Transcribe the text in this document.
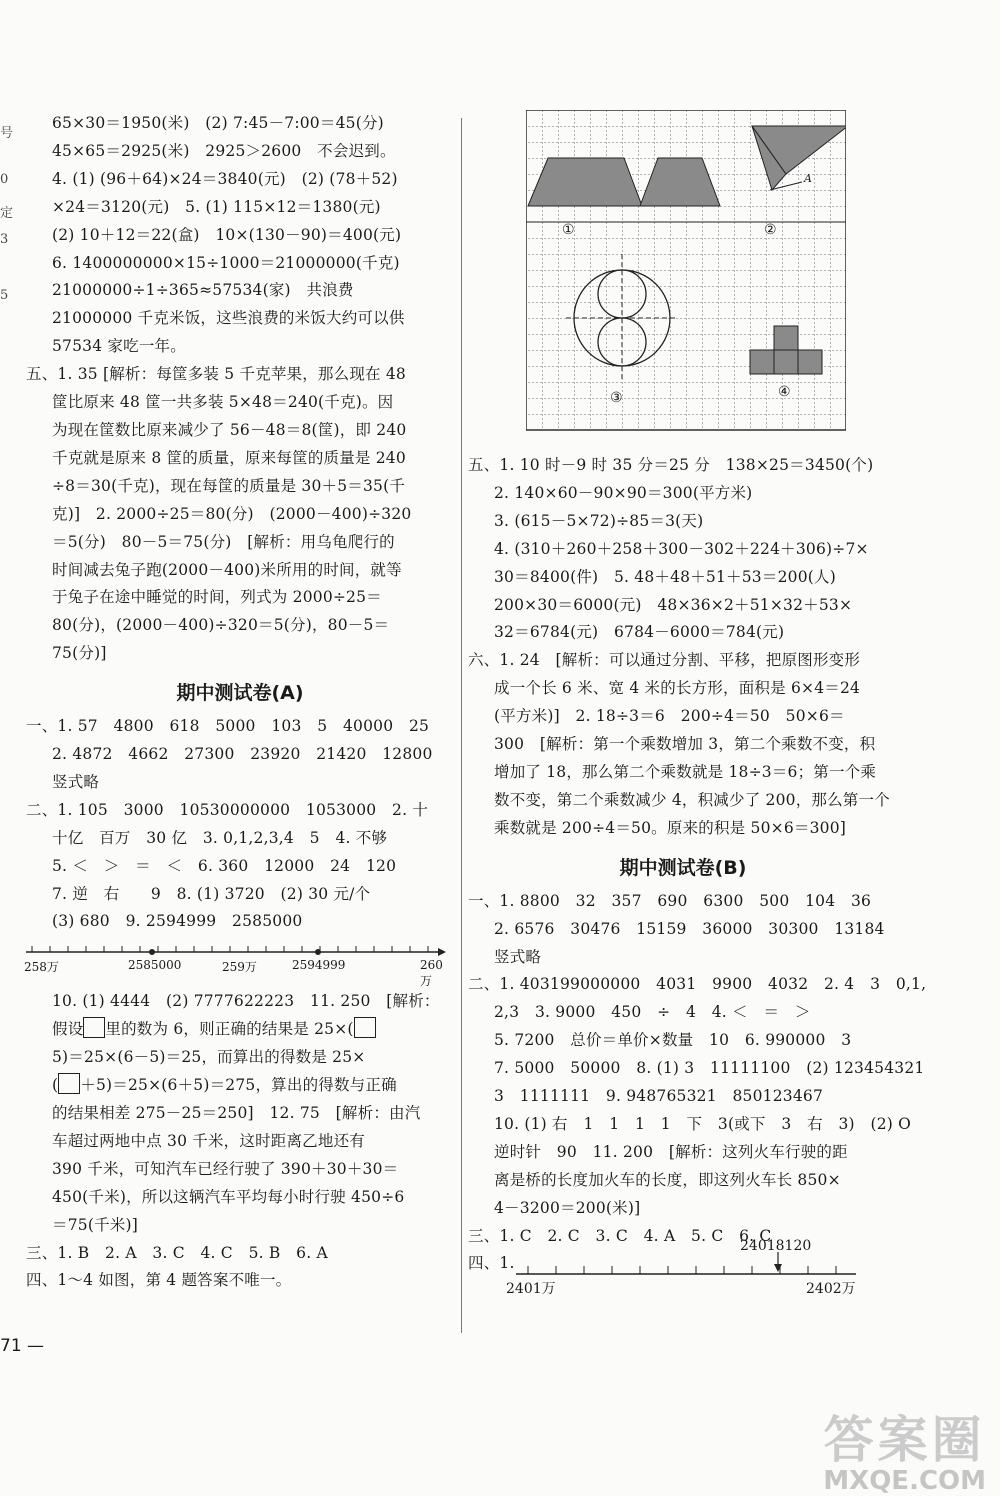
号
0
定
3
5
65×30＝1950(米)　(2) 7:45－7:00＝45(分)
45×65＝2925(米)　2925＞2600　不会迟到。
4. (1) (96＋64)×24＝3840(元)　(2) (78＋52)
×24＝3120(元)　5. (1) 115×12＝1380(元)
(2) 10＋12＝22(盒)　10×(130－90)＝400(元)
6. 1400000000×15÷1000＝21000000(千克)
21000000÷1÷365≈57534(家)　共浪费
21000000 千克米饭，这些浪费的米饭大约可以供
57534 家吃一年。
五、1. 35 [解析：每筐多装 5 千克苹果，那么现在 48
筐比原来 48 筐一共多装 5×48＝240(千克)。因
为现在筐数比原来减少了 56－48＝8(筐)，即 240
千克就是原来 8 筐的质量，原来每筐的质量是 240
÷8＝30(千克)，现在每筐的质量是 30＋5＝35(千
克)]　2. 2000÷25＝80(分)　(2000－400)÷320
＝5(分)　80－5＝75(分)　[解析：用乌龟爬行的
时间减去兔子跑(2000－400)米所用的时间，就等
于兔子在途中睡觉的时间，列式为 2000÷25＝
80(分)，(2000－400)÷320＝5(分)，80－5＝
75(分)]
期中测试卷(A)
一、1. 57　4800　618　5000　103　5　40000　25
2. 4872　4662　27300　23920　21420　12800
竖式略
二、1. 105　3000　10530000000　1053000　2. 十
十亿　百万　30 亿　3. 0,1,2,3,4　5　4. 不够
5. ＜　＞　＝　＜　6. 360　12000　24　120
7. 逆　右　　9　8. (1) 3720　(2) 30 元/个
(3) 680　9. 2594999　2585000
258万	2585000	259万	2594999	260万
10. (1) 4444　(2) 7777622223　11. 250　[解析：
假设 里的数为 6，则正确的结果是 25×(
5)＝25×(6－5)＝25，而算出的得数是 25×
( ＋5)＝25×(6＋5)＝275，算出的得数与正确
的结果相差 275－25＝250]　12. 75　[解析：由汽
车超过两地中点 30 千米，这时距离乙地还有
390 千米，可知汽车已经行驶了 390＋30＋30＝
450(千米)，所以这辆汽车平均每小时行驶 450÷6
＝75(千米)]
三、1. B　2. A　3. C　4. C　5. B　6. A
四、1～4 如图，第 4 题答案不唯一。
71 —
①	②
③	④
A
五、1. 10 时－9 时 35 分＝25 分　138×25＝3450(个)
2. 140×60－90×90＝300(平方米)
3. (615－5×72)÷85＝3(天)
4. (310＋260＋258＋300－302＋224＋306)÷7×
30＝8400(件)　5. 48＋48＋51＋53＝200(人)
200×30＝6000(元)　48×36×2＋51×32＋53×
32＝6784(元)　6784－6000＝784(元)
六、1. 24　[解析：可以通过分割、平移，把原图形变形
成一个长 6 米、宽 4 米的长方形，面积是 6×4＝24
(平方米)]　2. 18÷3＝6　200÷4＝50　50×6＝
300　[解析：第一个乘数增加 3，第二个乘数不变，积
增加了 18，那么第二个乘数就是 18÷3＝6；第一个乘
数不变，第二个乘数减少 4，积减少了 200，那么第一个
乘数就是 200÷4＝50。原来的积是 50×6＝300]
期中测试卷(B)
一、1. 8800　32　357　690　6300　500　104　36
2. 6576　30476　15159　36000　30300　13184
竖式略
二、1. 403199000000　4031　9900　4032　2. 4　3　0,1,
2,3　3. 9000　450　÷　4　4. ＜　＝　＞
5. 7200　总价＝单价×数量　10　6. 990000　3
7. 5000　50000　8. (1) 3　11111100　(2) 123454321
3　1111111　9. 948765321　850123467
10. (1) 右　1　1　1　1　下　3(或下　3　右　3)　(2) O
逆时针　90　11. 200　[解析：这列火车行驶的距
离是桥的长度加火车的长度，即这列火车长 850×
4－3200＝200(米)]
三、1. C　2. C　3. C　4. A　5. C　6. C
四、1.
24018120
2401万	2402万
答案圈
MXQE.COM
